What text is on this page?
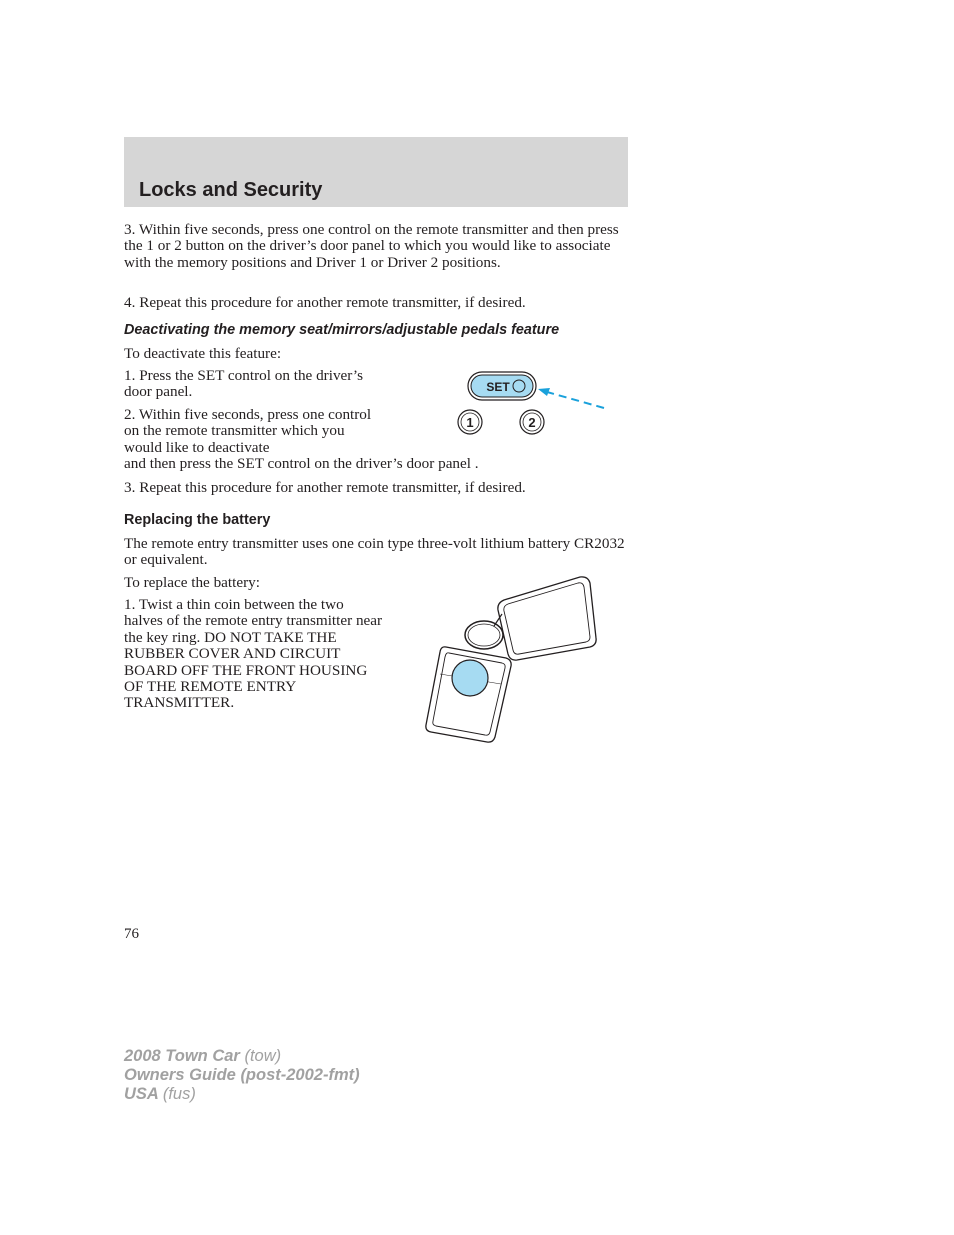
Locks and Security

3. Within five seconds, press one control on the remote transmitter and then press the 1 or 2 button on the driver’s door panel to which you would like to associate with the memory positions and Driver 1 or Driver 2 positions.

4. Repeat this procedure for another remote transmitter, if desired.

Deactivating the memory seat/mirrors/adjustable pedals feature

To deactivate this feature:

1. Press the SET control on the driver’s door panel.

2. Within five seconds, press one control on the remote transmitter which you would like to deactivate

and then press the SET control on the driver’s door panel .

3. Repeat this procedure for another remote transmitter, if desired.

SET
1	2
Replacing the battery

The remote entry transmitter uses one coin type three-volt lithium battery CR2032 or equivalent.

To replace the battery:

1. Twist a thin coin between the two halves of the remote entry transmitter near the key ring. DO NOT TAKE THE RUBBER COVER AND CIRCUIT BOARD OFF THE FRONT HOUSING OF THE REMOTE ENTRY TRANSMITTER.

76

2008 Town Car (tow)
Owners Guide (post-2002-fmt)
USA (fus)
